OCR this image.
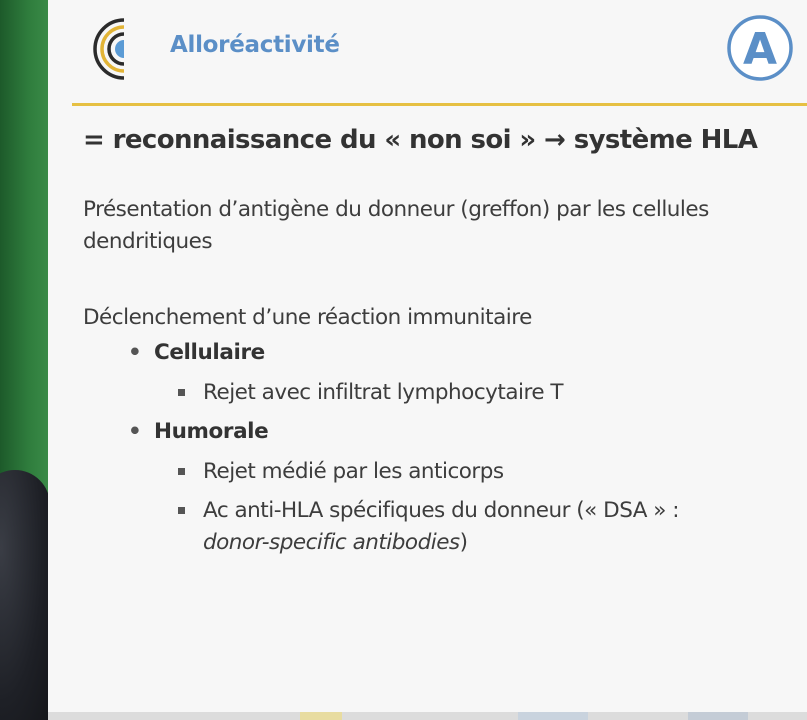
Alloréactivité	A
= reconnaissance du « non soi » → système HLA
Présentation d’antigène du donneur (greffon) par les cellules dendritiques
Déclenchement d’une réaction immunitaire
• Cellulaire
Rejet avec infiltrat lymphocytaire T
• Humorale
Rejet médié par les anticorps
Ac anti-HLA spécifiques du donneur (« DSA » :
donor-specific antibodies)
